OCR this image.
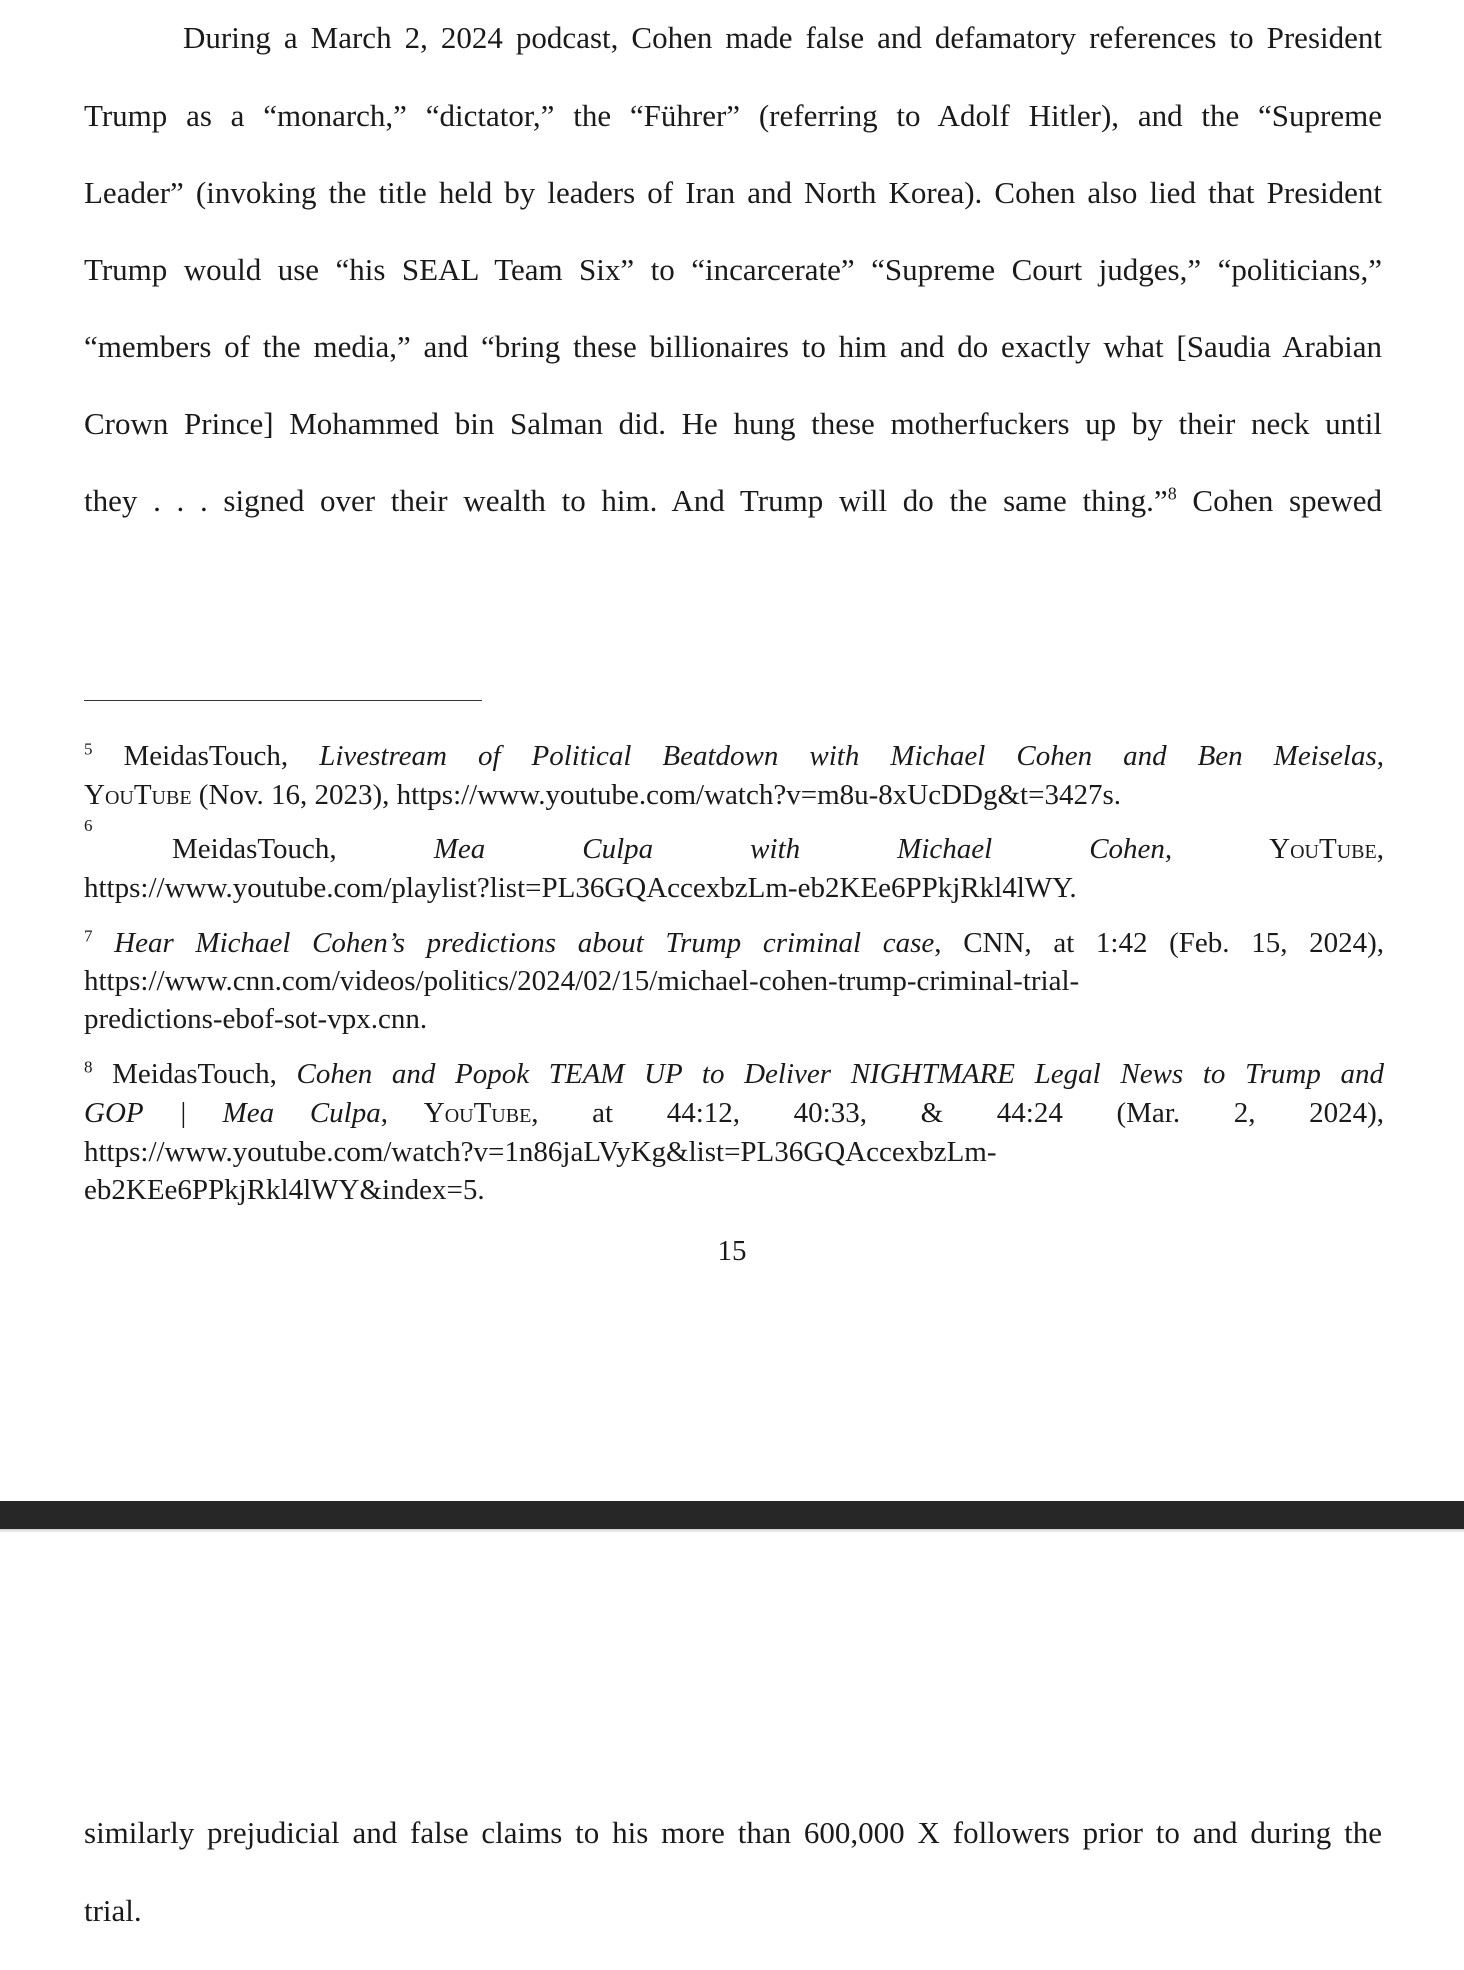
During a March 2, 2024 podcast, Cohen made false and defamatory references to President
Trump as a “monarch,” “dictator,” the “Führer” (referring to Adolf Hitler), and the “Supreme
Leader” (invoking the title held by leaders of Iran and North Korea). Cohen also lied that President
Trump would use “his SEAL Team Six” to “incarcerate” “Supreme Court judges,” “politicians,”
“members of the media,” and “bring these billionaires to him and do exactly what [Saudia Arabian
Crown Prince] Mohammed bin Salman did. He hung these motherfuckers up by their neck until
they . . . signed over their wealth to him. And Trump will do the same thing.”$^8$ Cohen spewed
$^5$ MeidasTouch, Livestream of Political Beatdown with Michael Cohen and Ben Meiselas,
YouTube (Nov. 16, 2023), https://www.youtube.com/watch?v=m8u-8xUcDDg&t=3427s.
6
MeidasTouch,	Mea	Culpa	with	Michael	Cohen,	YouTube,
https://www.youtube.com/playlist?list=PL36GQAccexbzLm-eb2KEe6PPkjRkl4lWY.
$^7$ Hear Michael Cohen’s predictions about Trump criminal case, CNN, at 1:42 (Feb. 15, 2024),
https://www.cnn.com/videos/politics/2024/02/15/michael-cohen-trump-criminal-trial-
predictions-ebof-sot-vpx.cnn.
$^8$ MeidasTouch, Cohen and Popok TEAM UP to Deliver NIGHTMARE Legal News to Trump and
GOP  |  Mea  Culpa,  YouTube,   at   44:12,   40:33,   &   44:24   (Mar.   2,   2024),
https://www.youtube.com/watch?v=1n86jaLVyKg&list=PL36GQAccexbzLm-
eb2KEe6PPkjRkl4lWY&index=5.
15
similarly prejudicial and false claims to his more than 600,000 X followers prior to and during the
trial.
